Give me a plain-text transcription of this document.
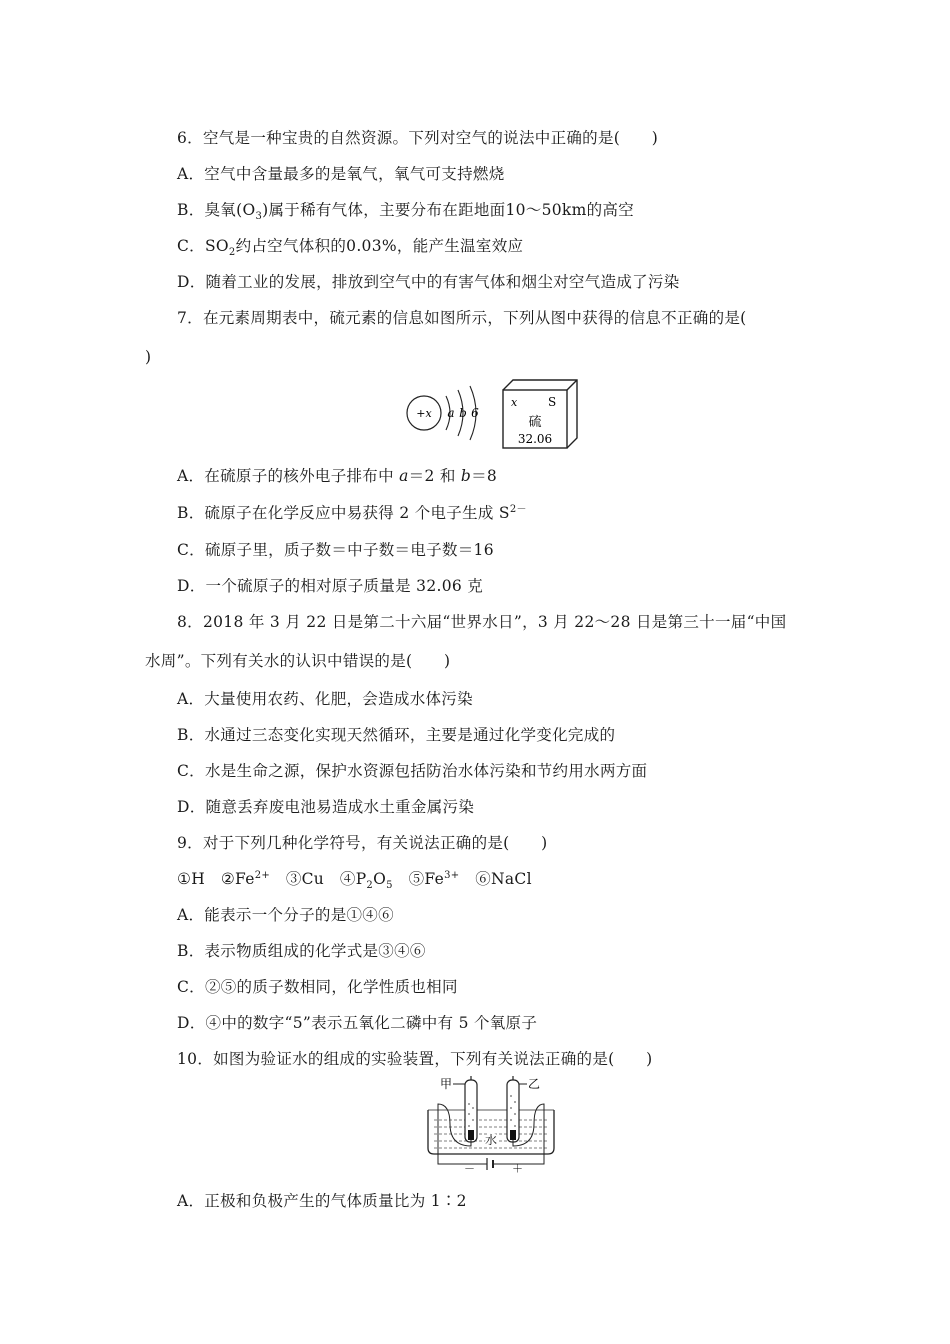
6．空气是一种宝贵的自然资源。下列对空气的说法中正确的是(　　)
A．空气中含量最多的是氧气，氧气可支持燃烧
B．臭氧$(O_3)$属于稀有气体，主要分布在距地面10～50km的高空
C．$SO_2$约占空气体积的0.03%，能产生温室效应
D．随着工业的发展，排放到空气中的有害气体和烟尘对空气造成了污染
7．在元素周期表中，硫元素的信息如图所示，下列从图中获得的信息不正确的是(
)
+x a b 6
x	S
硫
32.06
A．在硫原子的核外电子排布中 a＝2 和 b＝8
B．硫原子在化学反应中易获得 2 个电子生成 $S^{2-}$
C．硫原子里，质子数＝中子数＝电子数＝16
D．一个硫原子的相对原子质量是 32.06 克
8．2018 年 3 月 22 日是第二十六届“世界水日”，3 月 22～28 日是第三十一届“中国
水周”。下列有关水的认识中错误的是(　　)
A．大量使用农药、化肥，会造成水体污染
B．水通过三态变化实现天然循环，主要是通过化学变化完成的
C．水是生命之源，保护水资源包括防治水体污染和节约用水两方面
D．随意丢弃废电池易造成水土重金属污染
9．对于下列几种化学符号，有关说法正确的是(　　)
①H　$②Fe^{2+}$　③Cu　$④P_2O_5$　$⑤Fe^{3+}$　⑥NaCl
A．能表示一个分子的是①④⑥
B．表示物质组成的化学式是③④⑥
C．②⑤的质子数相同，化学性质也相同
D．④中的数字“5”表示五氧化二磷中有 5 个氧原子
10．如图为验证水的组成的实验装置，下列有关说法正确的是(　　)
甲	乙
水
－	＋
A．正极和负极产生的气体质量比为 1∶2
